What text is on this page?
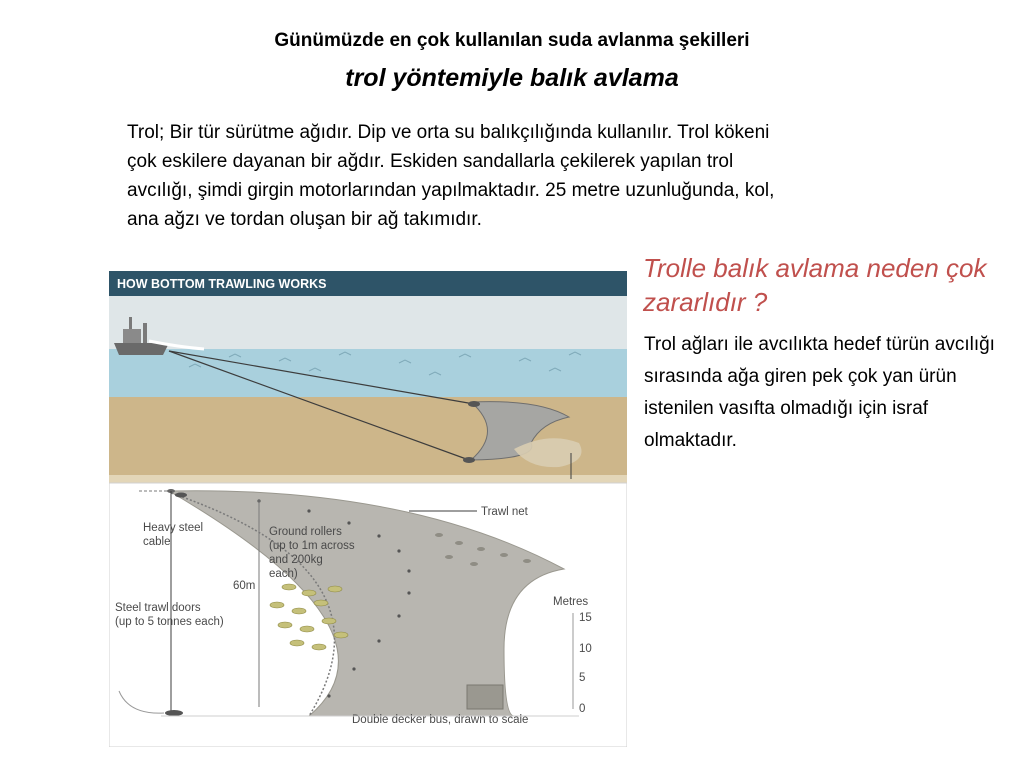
Günümüzde en çok kullanılan suda avlanma şekilleri
trol yöntemiyle balık avlama
Trol; Bir tür sürütme ağıdır. Dip ve orta su balıkçılığında kullanılır. Trol kökeni çok eskilere dayanan bir ağdır. Eskiden sandallarla çekilerek yapılan trol avcılığı, şimdi girgin motorlarından yapılmaktadır. 25 metre uzunluğunda, kol, ana ağzı ve tordan oluşan bir ağ takımıdır.
Trolle balık avlama neden çok zararlıdır ?
Trol ağları ile avcılıkta hedef türün avcılığı sırasında ağa giren pek çok yan ürün istenilen vasıfta olmadığı için israf olmaktadır.
HOW BOTTOM TRAWLING WORKS
Heavy steel
cable
Ground rollers
(up to 1m across
and 200kg
each)
60m
Trawl net
Steel trawl doors
(up to 5 tonnes each)
Metres
15
10
5
0
Double decker bus, drawn to scale
